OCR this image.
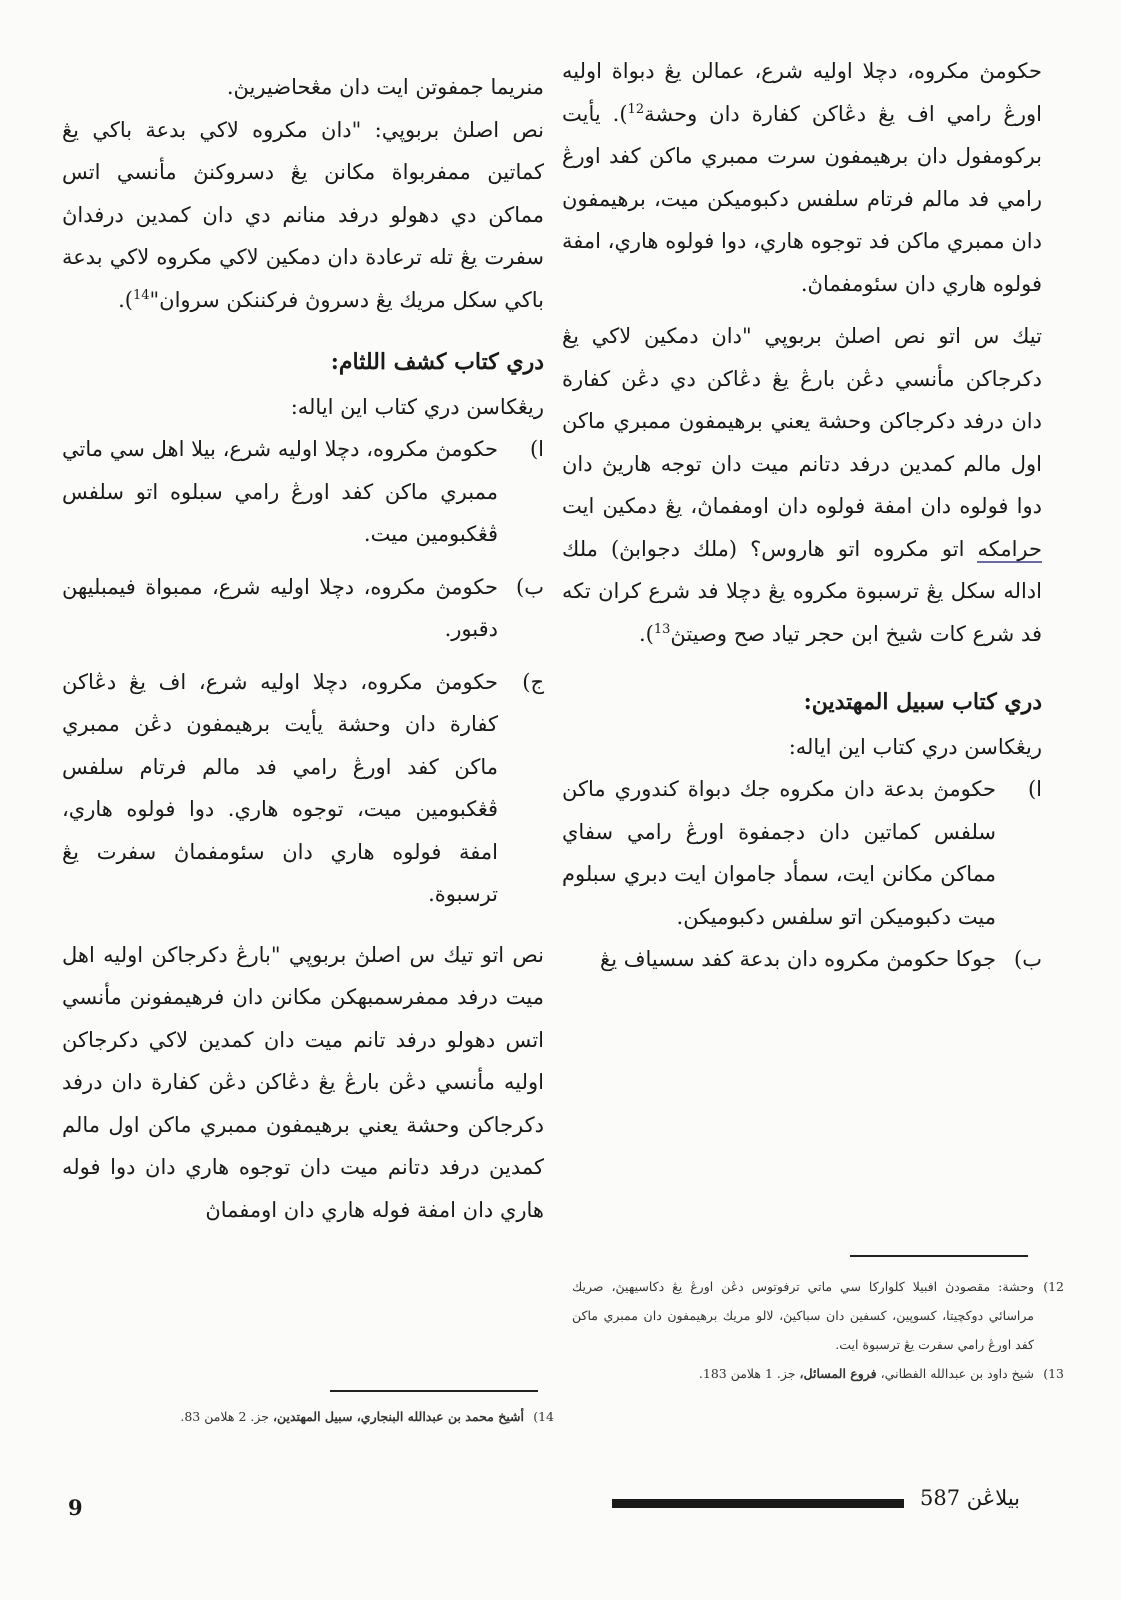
حكومڽ مكروه، دچلا اوليه شرع، عمالن يڠ دبواة اوليه اورڠ رامي اف يڠ دڠاكن كفارة دان وحشة$^{12}$). يأيت بركومفول دان برهيمفون سرت ممبري ماكن كفد اورڠ رامي فد مالم فرتام سلفس دكبوميكن ميت، برهيمفون دان ممبري ماكن فد توجوه هاري، دوا فولوه هاري، امفة فولوه هاري دان سئومفماڽ.

تيك س اتو نص اصلڽ بربوپي "دان دمكين لاكي يڠ دكرجاكن مأنسي دڠن بارڠ يڠ دڠاكن دي دڠن كفارة دان درفد دكرجاكن وحشة يعني برهيمفون ممبري ماكن اول مالم كمدين درفد دتانم ميت دان توجه هاريڽ دان دوا فولوه دان امفة فولوه دان اومفماڽ، يڠ دمكين ايت حرامكه اتو مكروه اتو هاروس؟ (ملك دجوابڽ) ملك اداله سكل يڠ ترسبوة مكروه يڠ دچلا فد شرع كران تكه فد شرع كات شيخ ابن حجر تياد صح وصيتڽ$^{13}$).

دري كتاب سبيل المهتدين:
ريڠكاسن دري كتاب اين اياله:
ا)
حكومڽ بدعة دان مكروه جك دبواة كندوري ماكن سلفس كماتين دان دجمفوة اورڠ رامي سفاي مماكن مكانن ايت، سمأد جاموان ايت دبري سبلوم ميت دكبوميكن اتو سلفس دكبوميكن.
ب)
جوكا حكومڽ مكروه دان بدعة كفد سسياف يڠ

منريما جمفوتن ايت دان مڠحاضيريڽ.

نص اصلڽ بربوپي: "دان مكروه لاكي بدعة باكي يڠ كماتين ممفربواة مكانن يڠ دسروكنڽ مأنسي اتس مماكن دي دهولو درفد منانم دي دان كمدين درفداڽ سفرت يڠ تله ترعادة دان دمكين لاكي مكروه لاكي بدعة باكي سكل مريك يڠ دسروڽ فركننكن سروان"$^{14}$).

دري كتاب كشف اللثام:
ريڠكاسن دري كتاب اين اياله:
ا)
حكومڽ مكروه، دچلا اوليه شرع، بيلا اهل سي ماتي ممبري ماكن كفد اورڠ رامي سبلوه اتو سلفس ڤڠكبومين ميت.
ب)
حكومڽ مكروه، دچلا اوليه شرع، ممبواة فيمبليهن دقبور.
ج)
حكومڽ مكروه، دچلا اوليه شرع، اف يڠ دڠاكن كفارة دان وحشة يأيت برهيمفون دڠن ممبري ماكن كفد اورڠ رامي فد مالم فرتام سلفس ڤڠكبومين ميت، توجوه هاري. دوا فولوه هاري، امفة فولوه هاري دان سئومفماڽ سفرت يڠ ترسبوة.

نص اتو تيك س اصلڽ بربوپي "بارڠ دكرجاكن اوليه اهل ميت درفد ممفرسمبهكن مكانن دان فرهيمفونن مأنسي اتس دهولو درفد تانم ميت دان كمدين لاكي دكرجاكن اوليه مأنسي دڠن بارڠ يڠ دڠاكن دڠن كفارة دان درفد دكرجاكن وحشة يعني برهيمفون ممبري ماكن اول مالم كمدين درفد دتانم ميت دان توجوه هاري دان دوا فوله هاري دان امفة فوله هاري دان اومفماڽ

12)
وحشة: مقصودڽ افبيلا كلواركا سي ماتي ترفوتوس دڠن اورڠ يڠ دكاسيهيڽ، صريك مراسائي دوكچيتا، كسوپين، كسفين دان سباكيڽ، لالو مريك برهيمفون دان ممبري ماكن كفد اورڠ رامي سفرت يڠ ترسبوة ايت.
13)
شيخ داود بن عبدالله الفطاني، فروع المسائل، جز. 1 هلامن 183.
14)
أشيخ محمد بن عبدالله البنجاري، سبيل المهتدين، جز. 2 هلامن 83.
بيلاڠن 587
9
